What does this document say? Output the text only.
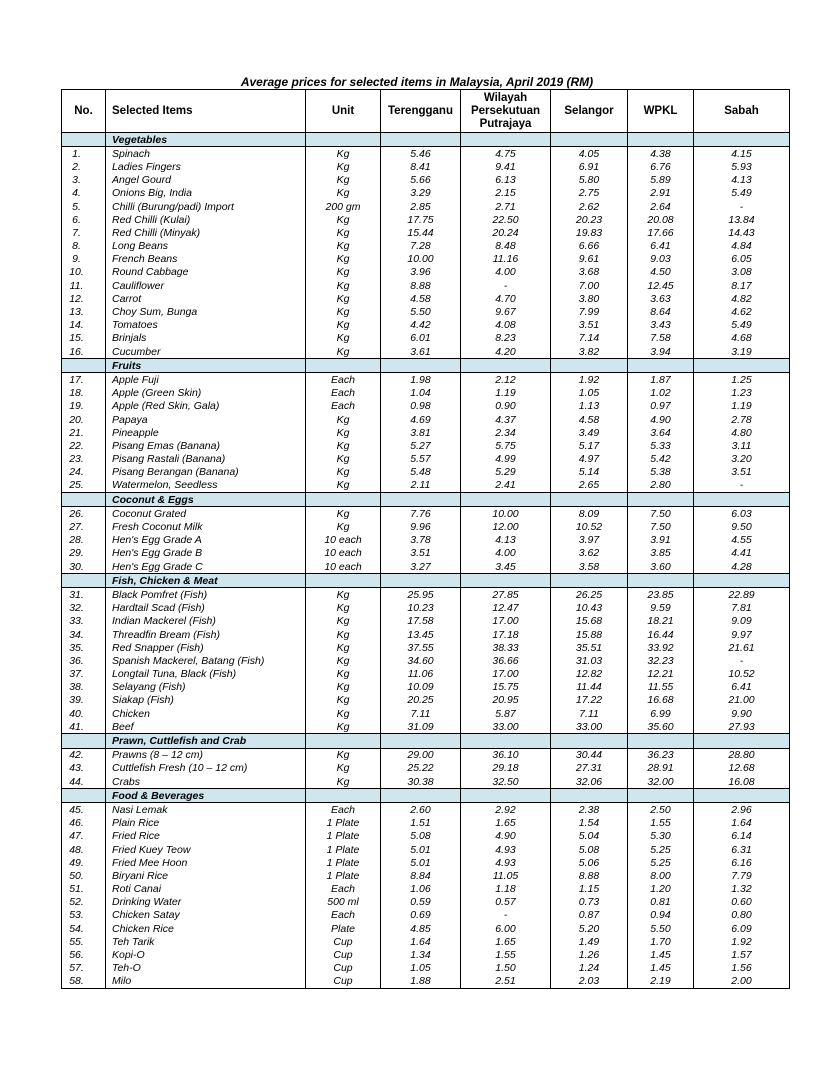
Average prices for selected items in Malaysia, April 2019 (RM)
No.	Selected Items	Unit	Terengganu	Wilayah
Persekutuan
Putrajaya	Selangor	WPKL	Sabah
	Vegetables						
1.	Spinach	Kg	5.46	4.75	4.05	4.38	4.15
2.	Ladies Fingers	Kg	8.41	9.41	6.91	6.76	5.93
3.	Angel Gourd	Kg	5.66	6.13	5.80	5.89	4.13
4.	Onions Big, India	Kg	3.29	2.15	2.75	2.91	5.49
5.	Chilli (Burung/padi) Import	200 gm	2.85	2.71	2.62	2.64	-
6.	Red Chilli (Kulai)	Kg	17.75	22.50	20.23	20.08	13.84
7.	Red Chilli (Minyak)	Kg	15.44	20.24	19.83	17.66	14.43
8.	Long Beans	Kg	7.28	8.48	6.66	6.41	4.84
9.	French Beans	Kg	10.00	11.16	9.61	9.03	6.05
10.	Round Cabbage	Kg	3.96	4.00	3.68	4.50	3.08
11.	Cauliflower	Kg	8.88	-	7.00	12.45	8.17
12.	Carrot	Kg	4.58	4.70	3.80	3.63	4.82
13.	Choy Sum, Bunga	Kg	5.50	9.67	7.99	8.64	4.62
14.	Tomatoes	Kg	4.42	4.08	3.51	3.43	5.49
15.	Brinjals	Kg	6.01	8.23	7.14	7.58	4.68
16.	Cucumber	Kg	3.61	4.20	3.82	3.94	3.19
	Fruits						
17.	Apple Fuji	Each	1.98	2.12	1.92	1.87	1.25
18.	Apple (Green Skin)	Each	1.04	1.19	1.05	1.02	1.23
19.	Apple (Red Skin, Gala)	Each	0.98	0.90	1.13	0.97	1.19
20.	Papaya	Kg	4.69	4.37	4.58	4.90	2.78
21.	Pineapple	Kg	3.81	2.34	3.49	3.64	4.80
22.	Pisang Emas (Banana)	Kg	5.27	5.75	5.17	5.33	3.11
23.	Pisang Rastali (Banana)	Kg	5.57	4.99	4.97	5.42	3.20
24.	Pisang Berangan (Banana)	Kg	5.48	5.29	5.14	5.38	3.51
25.	Watermelon, Seedless	Kg	2.11	2.41	2.65	2.80	-
	Coconut & Eggs						
26.	Coconut Grated	Kg	7.76	10.00	8.09	7.50	6.03
27.	Fresh Coconut Milk	Kg	9.96	12.00	10.52	7.50	9.50
28.	Hen's Egg Grade A	10 each	3.78	4.13	3.97	3.91	4.55
29.	Hen's Egg Grade B	10 each	3.51	4.00	3.62	3.85	4.41
30.	Hen's Egg Grade C	10 each	3.27	3.45	3.58	3.60	4.28
	Fish, Chicken & Meat						
31.	Black Pomfret (Fish)	Kg	25.95	27.85	26.25	23.85	22.89
32.	Hardtail Scad (Fish)	Kg	10.23	12.47	10.43	9.59	7.81
33.	Indian Mackerel (Fish)	Kg	17.58	17.00	15.68	18.21	9.09
34.	Threadfin Bream (Fish)	Kg	13.45	17.18	15.88	16.44	9.97
35.	Red Snapper (Fish)	Kg	37.55	38.33	35.51	33.92	21.61
36.	Spanish Mackerel, Batang (Fish)	Kg	34.60	36.66	31.03	32.23	-
37.	Longtail Tuna, Black (Fish)	Kg	11.06	17.00	12.82	12.21	10.52
38.	Selayang (Fish)	Kg	10.09	15.75	11.44	11.55	6.41
39.	Siakap (Fish)	Kg	20.25	20.95	17.22	16.68	21.00
40.	Chicken	Kg	7.11	5.87	7.11	6.99	9.90
41.	Beef	Kg	31.09	33.00	33.00	35.60	27.93
	Prawn, Cuttlefish and Crab						
42.	Prawns (8 – 12 cm)	Kg	29.00	36.10	30.44	36.23	28.80
43.	Cuttlefish Fresh (10 – 12 cm)	Kg	25.22	29.18	27.31	28.91	12.68
44.	Crabs	Kg	30.38	32.50	32.06	32.00	16.08
	Food & Beverages						
45.	Nasi Lemak	Each	2.60	2.92	2.38	2.50	2.96
46.	Plain Rice	1 Plate	1.51	1.65	1.54	1.55	1.64
47.	Fried Rice	1 Plate	5.08	4.90	5.04	5.30	6.14
48.	Fried Kuey Teow	1 Plate	5.01	4.93	5.08	5.25	6.31
49.	Fried Mee Hoon	1 Plate	5.01	4.93	5.06	5.25	6.16
50.	Biryani Rice	1 Plate	8.84	11.05	8.88	8.00	7.79
51.	Roti Canai	Each	1.06	1.18	1.15	1.20	1.32
52.	Drinking Water	500 ml	0.59	0.57	0.73	0.81	0.60
53.	Chicken Satay	Each	0.69	-	0.87	0.94	0.80
54.	Chicken Rice	Plate	4.85	6.00	5.20	5.50	6.09
55.	Teh Tarik	Cup	1.64	1.65	1.49	1.70	1.92
56.	Kopi-O	Cup	1.34	1.55	1.26	1.45	1.57
57.	Teh-O	Cup	1.05	1.50	1.24	1.45	1.56
58.	Milo	Cup	1.88	2.51	2.03	2.19	2.00
